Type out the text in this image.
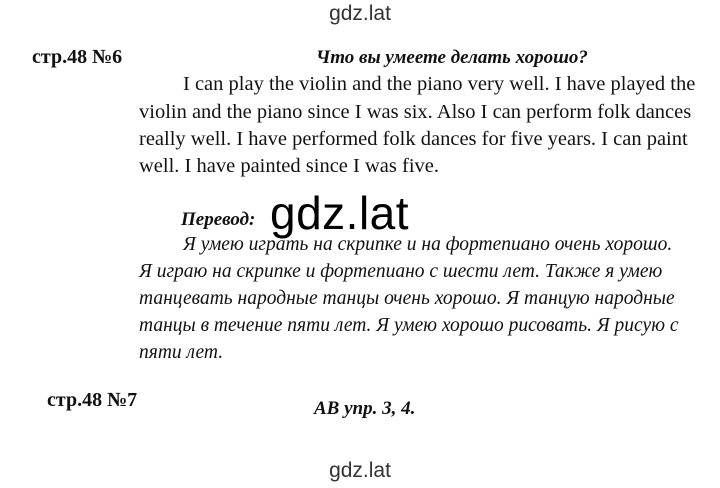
gdz.lat
стр.48 №6	Что вы умеете делать хорошо?
I can play the violin and the piano very well. I have played the
violin and the piano since I was six. Also I can perform folk dances
really well. I have performed folk dances for five years. I can paint
well. I have painted since I was five.
Перевод: gdz.lat
Я умею играть на скрипке и на фортепиано очень хорошо.
Я играю на скрипке и фортепиано с шести лет. Также я умею
танцевать народные танцы очень хорошо. Я танцую народные
танцы в течение пяти лет. Я умею хорошо рисовать. Я рисую с
пяти лет.
стр.48 №7	AB упр. 3, 4.
gdz.lat
